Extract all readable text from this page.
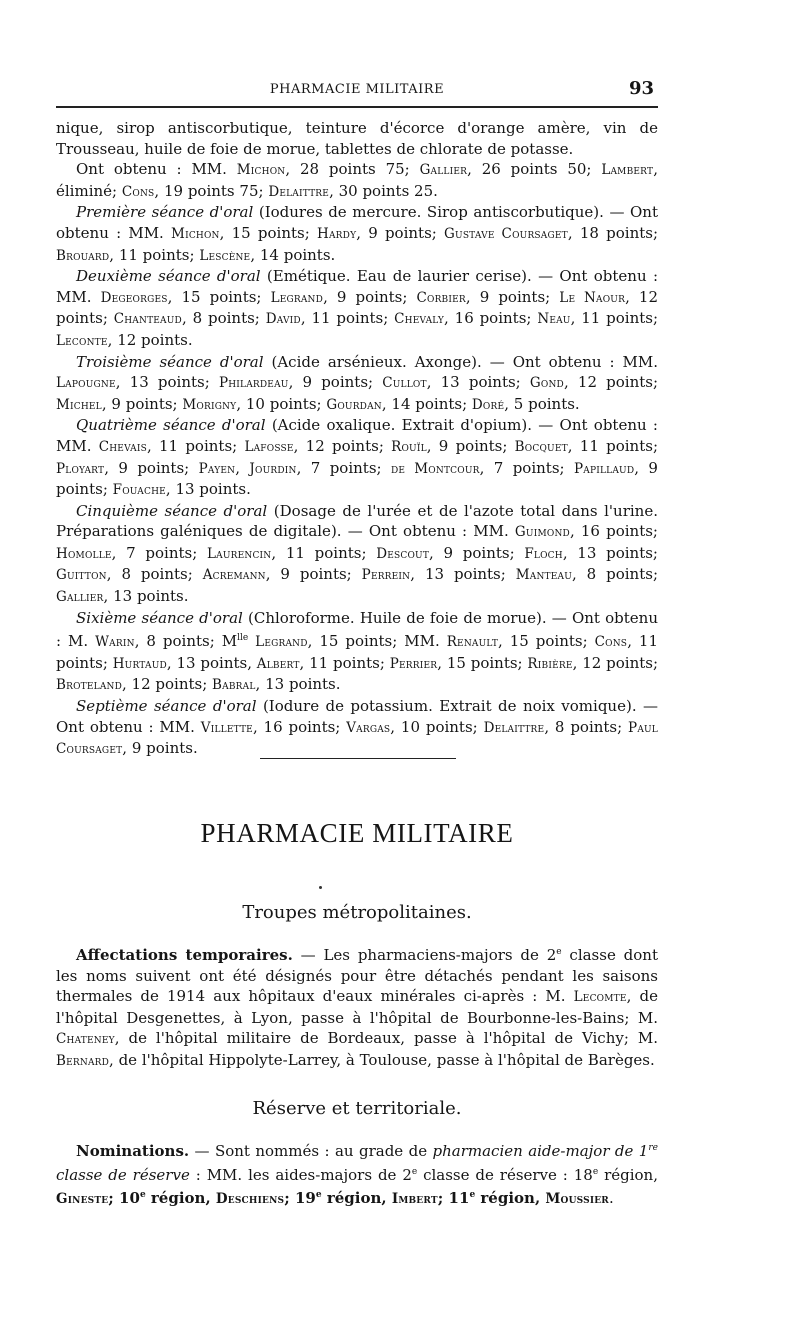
PHARMACIE MILITAIRE	93

nique, sirop antiscorbutique, teinture d'écorce d'orange amère, vin de Trousseau, huile de foie de morue, tablettes de chlorate de potasse.

Ont obtenu : MM. Michon, 28 points 75; Gallier, 26 points 50; Lambert, éliminé; Cons, 19 points 75; Delaittre, 30 points 25.

Première séance d'oral (Iodures de mercure. Sirop antiscorbutique). — Ont obtenu : MM. Michon, 15 points; Hardy, 9 points; Gustave Coursaget, 18 points; Brouard, 11 points; Lescène, 14 points.

Deuxième séance d'oral (Emétique. Eau de laurier cerise). — Ont obtenu : MM. Degeorges, 15 points; Legrand, 9 points; Corbier, 9 points; Le Naour, 12 points; Chanteaud, 8 points; David, 11 points; Chevaly, 16 points; Neau, 11 points; Leconte, 12 points.

Troisième séance d'oral (Acide arsénieux. Axonge). — Ont obtenu : MM. Lapougne, 13 points; Philardeau, 9 points; Cullot, 13 points; Gond, 12 points; Michel, 9 points; Morigny, 10 points; Gourdan, 14 points; Doré, 5 points.

Quatrième séance d'oral (Acide oxalique. Extrait d'opium). — Ont obtenu : MM. Chevais, 11 points; Lafosse, 12 points; Rouïl, 9 points; Bocquet, 11 points; Ployart, 9 points; Payen, Jourdin, 7 points; de Montcour, 7 points; Papillaud, 9 points; Fouache, 13 points.

Cinquième séance d'oral (Dosage de l'urée et de l'azote total dans l'urine. Préparations galéniques de digitale). — Ont obtenu : MM. Guimond, 16 points; Homolle, 7 points; Laurencin, 11 points; Descout, 9 points; Floch, 13 points; Guitton, 8 points; Acremann, 9 points; Perrein, 13 points; Manteau, 8 points; Gallier, 13 points.

Sixième séance d'oral (Chloroforme. Huile de foie de morue). — Ont obtenu : M. Warin, 8 points; $M^{lle}$ Legrand, 15 points; MM. Renault, 15 points; Cons, 11 points; Hurtaud, 13 points, Albert, 11 points; Perrier, 15 points; Ribière, 12 points; Broteland, 12 points; Babral, 13 points.

Septième séance d'oral (Iodure de potassium. Extrait de noix vomique). — Ont obtenu : MM. Villette, 16 points; Vargas, 10 points; Delaittre, 8 points; Paul Coursaget, 9 points.

PHARMACIE MILITAIRE
Troupes métropolitaines.

Affectations temporaires. — Les pharmaciens-majors de 2e classe dont les noms suivent ont été désignés pour être détachés pendant les saisons thermales de 1914 aux hôpitaux d'eaux minérales ci-après : M. Lecomte, de l'hôpital Desgenettes, à Lyon, passe à l'hôpital de Bourbonne-les-Bains; M. Chateney, de l'hôpital militaire de Bordeaux, passe à l'hôpital de Vichy; M. Bernard, de l'hôpital Hippolyte-Larrey, à Toulouse, passe à l'hôpital de Barèges.

Réserve et territoriale.

Nominations. — Sont nommés : au grade de pharmacien aide-major de 1re classe de réserve : MM. les aides-majors de 2e classe de réserve : 18e région, Gineste; 10e région, Deschiens; 19e région, Imbert; 11e région, Moussier.
